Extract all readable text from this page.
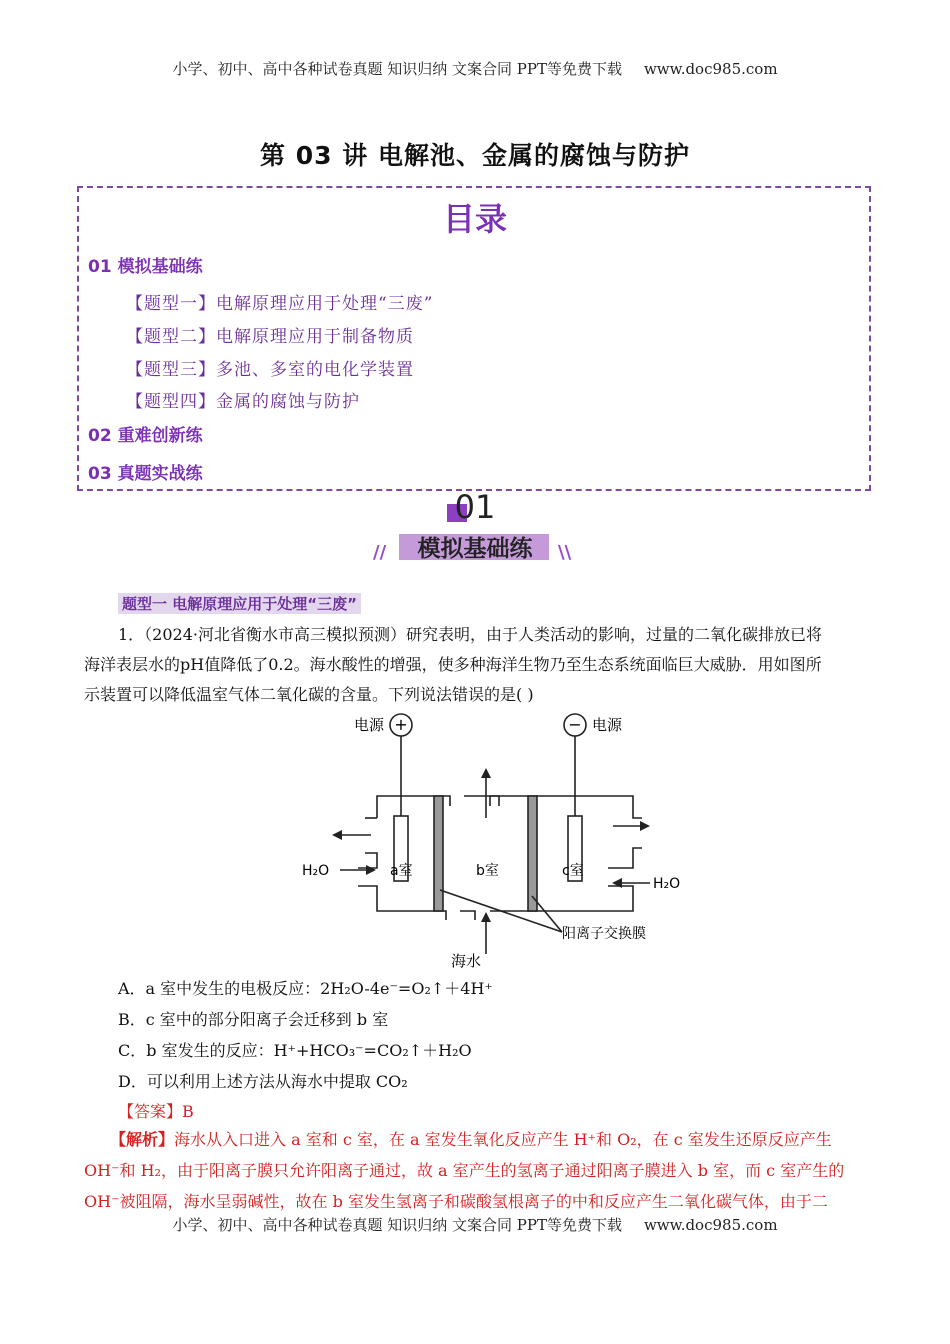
小学、初中、高中各种试卷真题 知识归纳 文案合同 PPT等免费下载 www.doc985.com
第 03 讲 电解池、金属的腐蚀与防护
目录
01 模拟基础练
【题型一】电解原理应用于处理“三废”
【题型二】电解原理应用于制备物质
【题型三】多池、多室的电化学装置
【题型四】金属的腐蚀与防护
02 重难创新练
03 真题实战练
01
模拟基础练
//	\\
题型一 电解原理应用于处理“三废”
1．（2024·河北省衡水市高三模拟预测）研究表明，由于人类活动的影响，过量的二氧化碳排放已将
海洋表层水的pH值降低了0.2。海水酸性的增强，使多种海洋生物乃至生态系统面临巨大威胁．用如图所
示装置可以降低温室气体二氧化碳的含量。下列说法错误的是( )
+	−
电源	电源
a室	b室	c室
H₂O
H₂O
海水
阳离子交换膜
A．a 室中发生的电极反应：2H₂O-4e⁻=O₂↑＋4H⁺
B．c 室中的部分阳离子会迁移到 b 室
C．b 室发生的反应：H⁺+HCO₃⁻=CO₂↑＋H₂O
D．可以利用上述方法从海水中提取 CO₂
【答案】B
【解析】海水从入口进入 a 室和 c 室，在 a 室发生氧化反应产生 H⁺和 O₂，在 c 室发生还原反应产生
OH⁻和 H₂，由于阳离子膜只允许阳离子通过，故 a 室产生的氢离子通过阳离子膜进入 b 室，而 c 室产生的
OH⁻被阻隔，海水呈弱碱性，故在 b 室发生氢离子和碳酸氢根离子的中和反应产生二氧化碳气体，由于二
小学、初中、高中各种试卷真题 知识归纳 文案合同 PPT等免费下载 www.doc985.com
